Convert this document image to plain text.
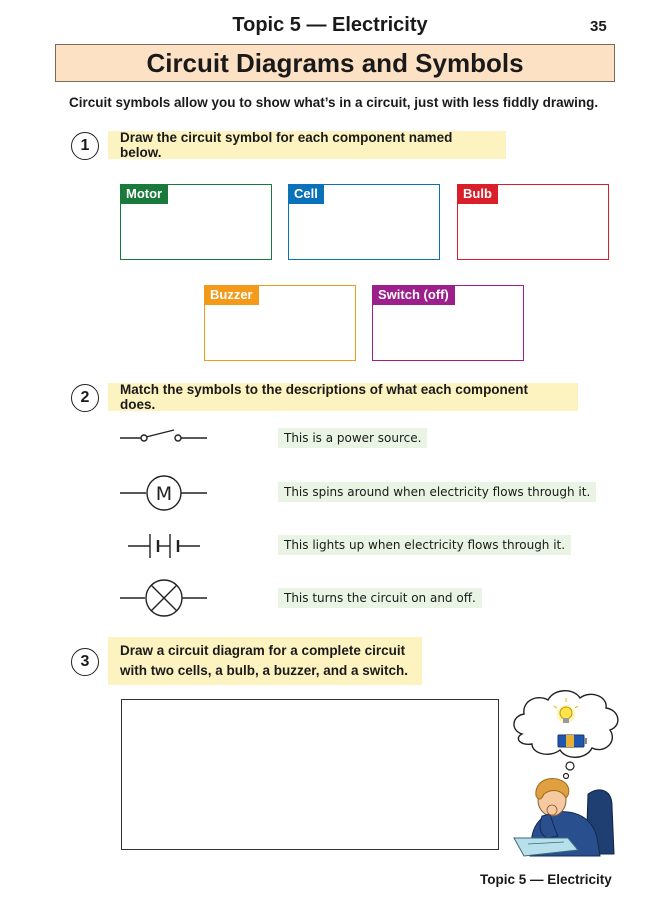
Topic 5 — Electricity	35
Circuit Diagrams and Symbols
Circuit symbols allow you to show what’s in a circuit, just with less fiddly drawing.
1	Draw the circuit symbol for each component named below.
Motor	Cell	Bulb
Buzzer	Switch (off)
2	Match the symbols to the descriptions of what each component does.
M
This is a power source.
This spins around when electricity flows through it.
This lights up when electricity flows through it.
This turns the circuit on and off.
3
Draw a circuit diagram for a complete circuit
with two cells, a bulb, a buzzer, and a switch.
Topic 5 — Electricity
